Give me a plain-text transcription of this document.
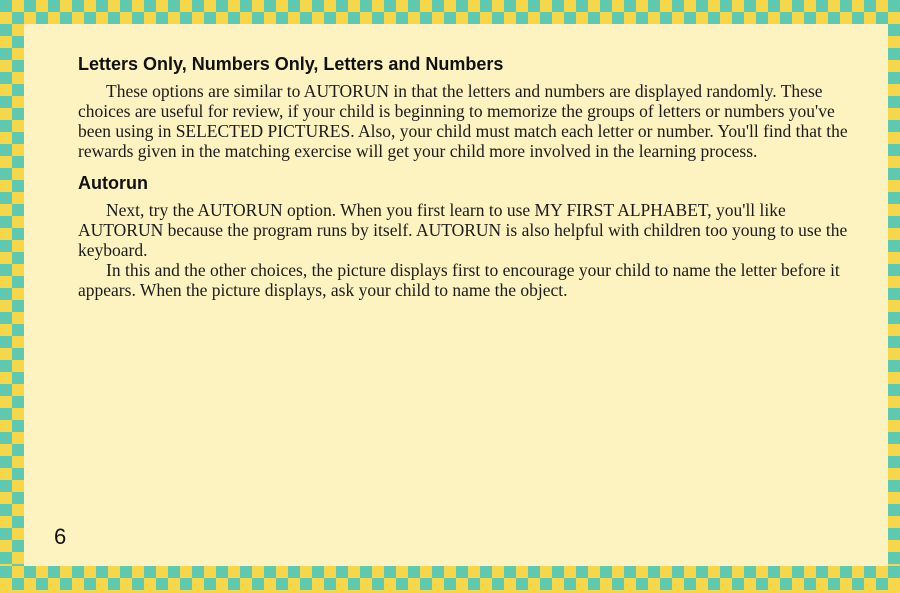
Letters Only, Numbers Only, Letters and Numbers

These options are similar to AUTORUN in that the letters and numbers are displayed randomly. These choices are useful for review, if your child is beginning to memorize the groups of letters or numbers you've been using in SELECTED PICTURES. Also, your child must match each letter or number. You'll find that the rewards given in the matching exercise will get your child more involved in the learning process.

Autorun

Next, try the AUTORUN option. When you first learn to use MY FIRST ALPHABET, you'll like AUTORUN because the program runs by itself. AUTORUN is also helpful with children too young to use the keyboard.

In this and the other choices, the picture displays first to encourage your child to name the letter before it appears. When the picture displays, ask your child to name the object.

6
